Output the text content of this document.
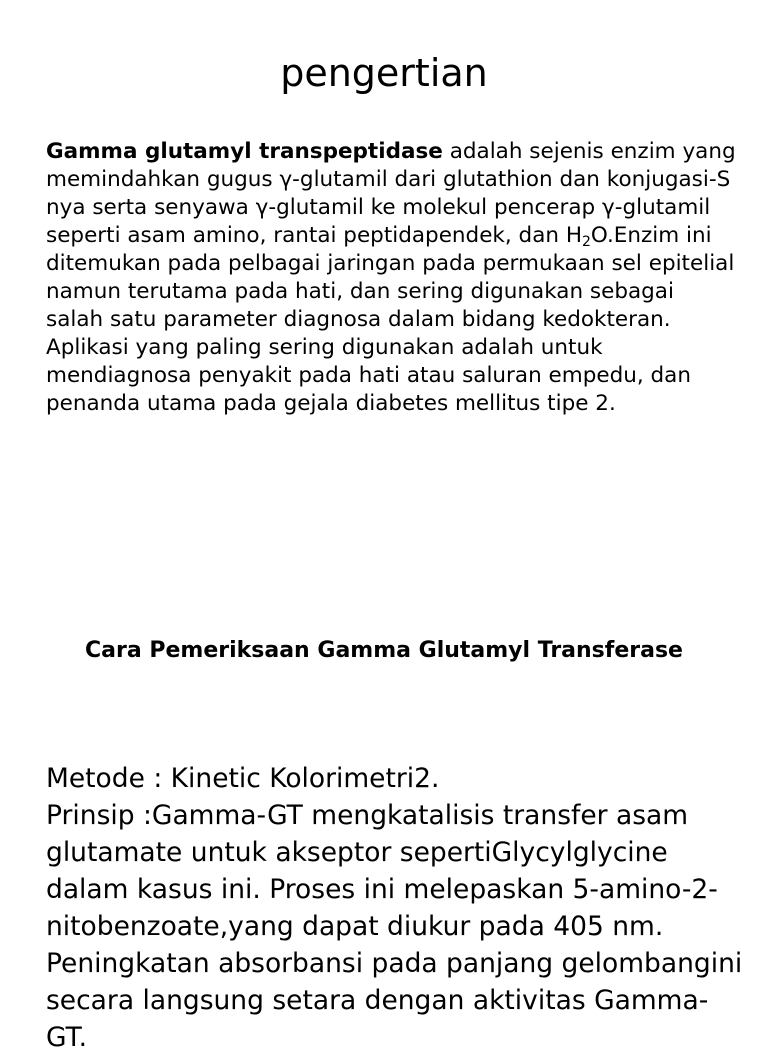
pengertian

Gamma glutamyl transpeptidase adalah sejenis enzim yang memindahkan gugus γ-glutamil dari glutathion dan konjugasi-S nya serta senyawa γ-glutamil ke molekul pencerap γ-glutamil seperti asam amino, rantai peptidapendek, dan $H_2O.Enzim$ ini ditemukan pada pelbagai jaringan pada permukaan sel epitelial namun terutama pada hati, dan sering digunakan sebagai salah satu parameter diagnosa dalam bidang kedokteran. Aplikasi yang paling sering digunakan adalah untuk mendiagnosa penyakit pada hati atau saluran empedu, dan penanda utama pada gejala diabetes mellitus tipe 2.

Cara Pemeriksaan Gamma Glutamyl Transferase

Metode : Kinetic Kolorimetri2.
Prinsip :Gamma-GT mengkatalisis transfer asam glutamate untuk akseptor sepertiGlycylglycine dalam kasus ini. Proses ini melepaskan 5-amino-2-nitobenzoate,yang dapat diukur pada 405 nm. Peningkatan absorbansi pada panjang gelombangini secara langsung setara dengan aktivitas Gamma-GT.
